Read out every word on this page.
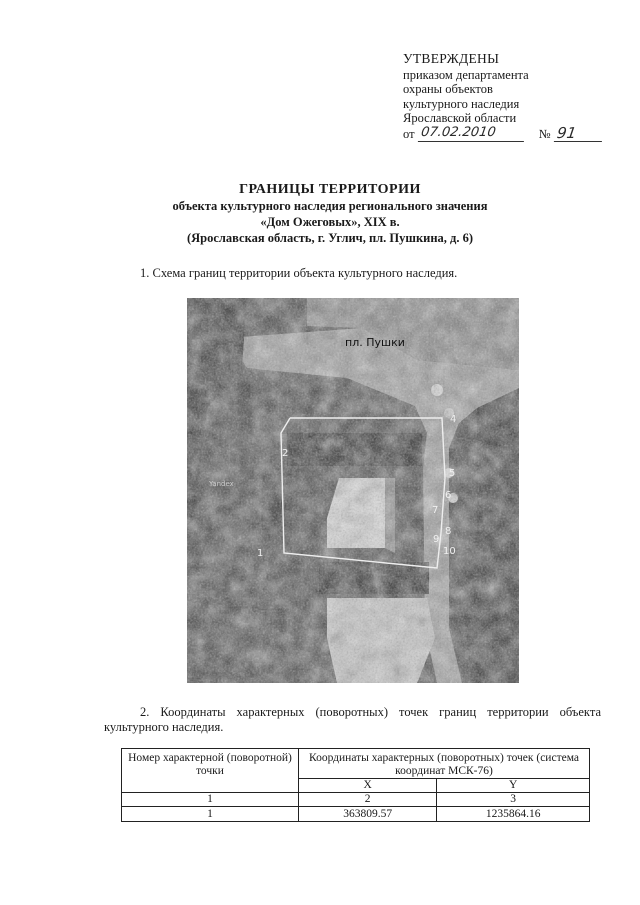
УТВЕРЖДЕНЫ
приказом департамента
охраны объектов
культурного наследия
Ярославской области
от 07.02.2010	№ 91
ГРАНИЦЫ ТЕРРИТОРИИ
объекта культурного наследия регионального значения
«Дом Ожеговых», XIX в.
(Ярославская область, г. Углич, пл. Пушкина, д. 6)
1. Схема границ территории объекта культурного наследия.
пл. Пушки
Yandex
1
2
4
5
6
7
8
9
10
2. Координаты характерных (поворотных) точек границ территории объекта культурного наследия.
Номер характерной (поворотной) точки	Координаты характерных (поворотных) точек (система координат МСК-76)	
	X	Y
1	2	3
1	363809.57	1235864.16
